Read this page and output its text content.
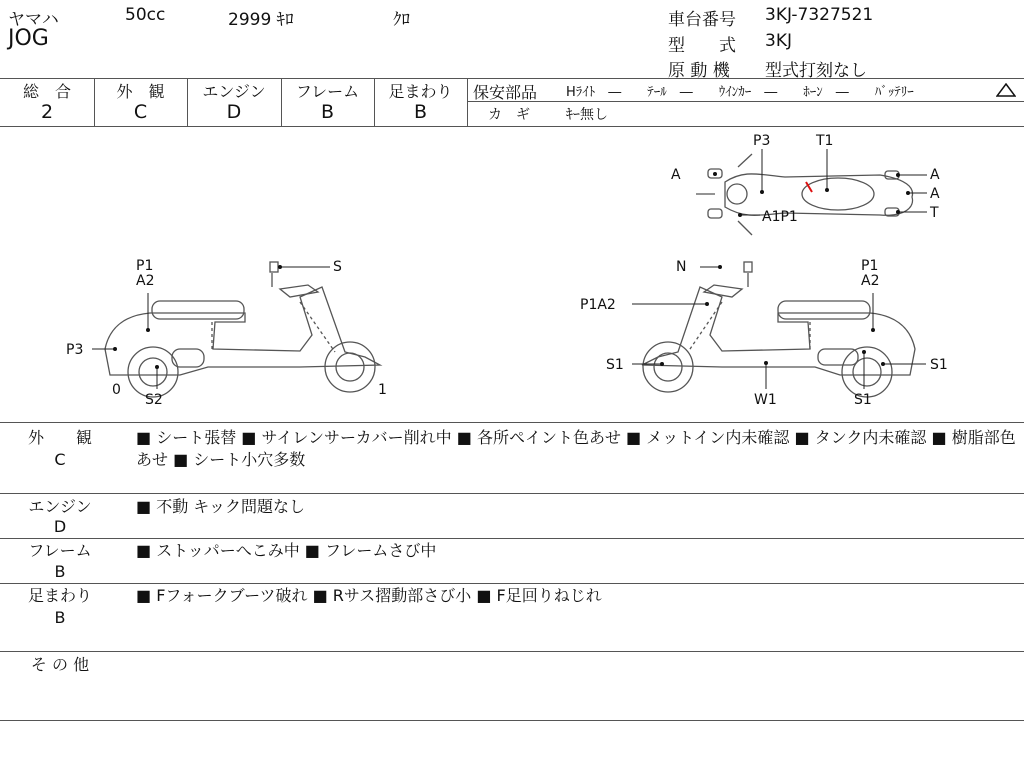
ヤマハ	50cc	2999 ｷﾛ	ｸﾛ
JOG
車台番号 3KJ-7327521
型　　式 3KJ
原 動 機 型式打刻なし
総　合	外　観	エンジン	フレーム	足まわり
2	C	D	B	B
保安部品 Hﾗｲﾄ　―　　ﾃｰﾙ　―　　ｳｲﾝｶｰ　―　　ﾎｰﾝ　―　　ﾊﾞｯﾃﾘｰ
カ　ギ	ｷｰ無し
P3	T1
A	A
A
T
A1P1
P1
A2
S
P3
0
S2
1
N	P1
A2
P1A2
S1	S1
W1	S1
外　　観
C
■ シート張替 ■ サイレンサーカバー削れ中 ■ 各所ペイント色あせ ■ メットイン内未確認 ■ タンク内未確認 ■ 樹脂部色あせ ■ シート小穴多数
エンジン
D
■ 不動 キック問題なし
フレーム
B
■ ストッパーへこみ中 ■ フレームさび中
足まわり
B
■ Fフォークブーツ破れ ■ Rサス摺動部さび小 ■ F足回りねじれ
そ の 他
